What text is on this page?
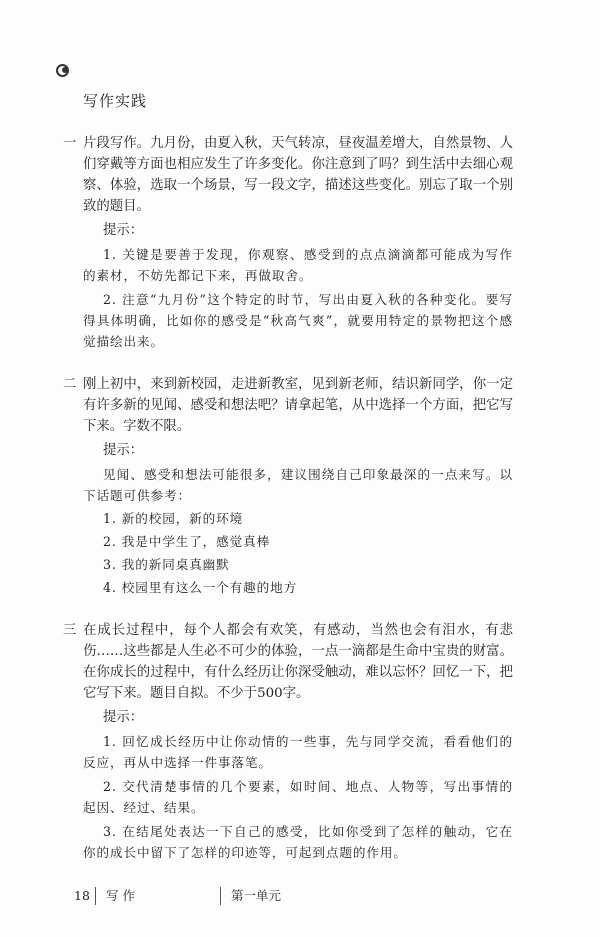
写作实践
一 片段写作。九月份，由夏入秋，天气转凉，昼夜温差增大，自然景物、人们穿戴等方面也相应发生了许多变化。你注意到了吗？到生活中去细心观察、体验，选取一个场景，写一段文字，描述这些变化。别忘了取一个别致的题目。

提示：

1. 关键是要善于发现，你观察、感受到的点点滴滴都可能成为写作的素材，不妨先都记下来，再做取舍。

2. 注意“九月份”这个特定的时节，写出由夏入秋的各种变化。要写得具体明确，比如你的感受是“秋高气爽”，就要用特定的景物把这个感觉描绘出来。

二 刚上初中，来到新校园，走进新教室，见到新老师，结识新同学，你一定有许多新的见闻、感受和想法吧？请拿起笔，从中选择一个方面，把它写下来。字数不限。

提示：

见闻、感受和想法可能很多，建议围绕自己印象最深的一点来写。以下话题可供参考：

1. 新的校园，新的环境
2. 我是中学生了，感觉真棒
3. 我的新同桌真幽默
4. 校园里有这么一个有趣的地方
三 在成长过程中，每个人都会有欢笑，有感动，当然也会有泪水，有悲伤……这些都是人生必不可少的体验，一点一滴都是生命中宝贵的财富。在你成长的过程中，有什么经历让你深受触动，难以忘怀？回忆一下，把它写下来。题目自拟。不少于500字。

提示：

1. 回忆成长经历中让你动情的一些事，先与同学交流，看看他们的反应，再从中选择一件事落笔。

2. 交代清楚事情的几个要素，如时间、地点、人物等，写出事情的起因、经过、结果。

3. 在结尾处表达一下自己的感受，比如你受到了怎样的触动，它在你的成长中留下了怎样的印迹等，可起到点题的作用。

18 写 作	第一单元
